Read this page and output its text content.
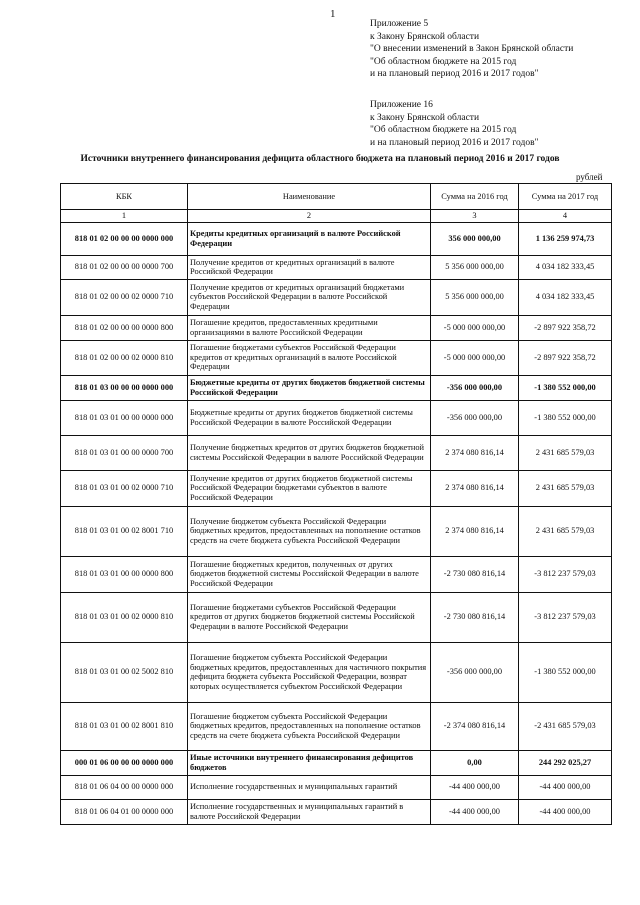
1
Приложение 5
к Закону Брянской области
"О внесении изменений в Закон Брянской области
"Об областном бюджете на 2015 год
и на плановый период 2016 и 2017 годов"
Приложение 16
к Закону Брянской области
"Об областном бюджете на 2015 год
и на плановый период 2016 и 2017 годов"
Источники внутреннего финансирования дефицита областного бюджета на плановый период 2016 и 2017 годов
рублей
КБК	Наименование	Сумма на 2016 год	Сумма на 2017 год
1	2	3	4
818 01 02 00 00 00 0000 000	Кредиты кредитных организаций в валюте Российской Федерации	356 000 000,00	1 136 259 974,73
818 01 02 00 00 00 0000 700	Получение кредитов от кредитных организаций в валюте Российской Федерации	5 356 000 000,00	4 034 182 333,45
818 01 02 00 00 02 0000 710	Получение кредитов от кредитных организаций бюджетами субъектов Российской Федерации в валюте Российской Федерации	5 356 000 000,00	4 034 182 333,45
818 01 02 00 00 00 0000 800	Погашение кредитов, предоставленных кредитными организациями в валюте Российской Федерации	-5 000 000 000,00	-2 897 922 358,72
818 01 02 00 00 02 0000 810	Погашение бюджетами субъектов Российской Федерации кредитов от кредитных организаций в валюте Российской Федерации	-5 000 000 000,00	-2 897 922 358,72
818 01 03 00 00 00 0000 000	Бюджетные кредиты от других бюджетов бюджетной системы Российской Федерации	-356 000 000,00	-1 380 552 000,00
818 01 03 01 00 00 0000 000	Бюджетные кредиты от других бюджетов бюджетной системы Российской Федерации в валюте Российской Федерации	-356 000 000,00	-1 380 552 000,00
818 01 03 01 00 00 0000 700	Получение бюджетных кредитов от других бюджетов бюджетной системы Российской Федерации в валюте Российской Федерации	2 374 080 816,14	2 431 685 579,03
818 01 03 01 00 02 0000 710	Получение кредитов от других бюджетов бюджетной системы Российской Федерации бюджетами субъектов в валюте Российской Федерации	2 374 080 816,14	2 431 685 579,03
818 01 03 01 00 02 8001 710	Получение бюджетом субъекта Российской Федерации бюджетных кредитов, предоставленных на пополнение остатков средств на счете бюджета субъекта Российской Федерации	2 374 080 816,14	2 431 685 579,03
818 01 03 01 00 00 0000 800	Погашение бюджетных кредитов, полученных от других бюджетов бюджетной системы Российской Федерации в валюте Российской Федерации	-2 730 080 816,14	-3 812 237 579,03
818 01 03 01 00 02 0000 810	Погашение бюджетами субъектов Российской Федерации кредитов от других бюджетов бюджетной системы Российской Федерации в валюте Российской Федерации	-2 730 080 816,14	-3 812 237 579,03
818 01 03 01 00 02 5002 810	Погашение бюджетом субъекта Российской Федерации бюджетных кредитов, предоставленных для частичного покрытия дефицита бюджета субъекта Российской Федерации, возврат которых осуществляется субъектом Российской Федерации	-356 000 000,00	-1 380 552 000,00
818 01 03 01 00 02 8001 810	Погашение бюджетом субъекта Российской Федерации бюджетных кредитов, предоставленных на пополнение остатков средств на счете бюджета субъекта Российской Федерации	-2 374 080 816,14	-2 431 685 579,03
000 01 06 00 00 00 0000 000	Иные источники внутреннего финансирования дефицитов бюджетов	0,00	244 292 025,27
818 01 06 04 00 00 0000 000	Исполнение государственных и муниципальных гарантий	-44 400 000,00	-44 400 000,00
818 01 06 04 01 00 0000 000	Исполнение государственных и муниципальных гарантий в валюте Российской Федерации	-44 400 000,00	-44 400 000,00
